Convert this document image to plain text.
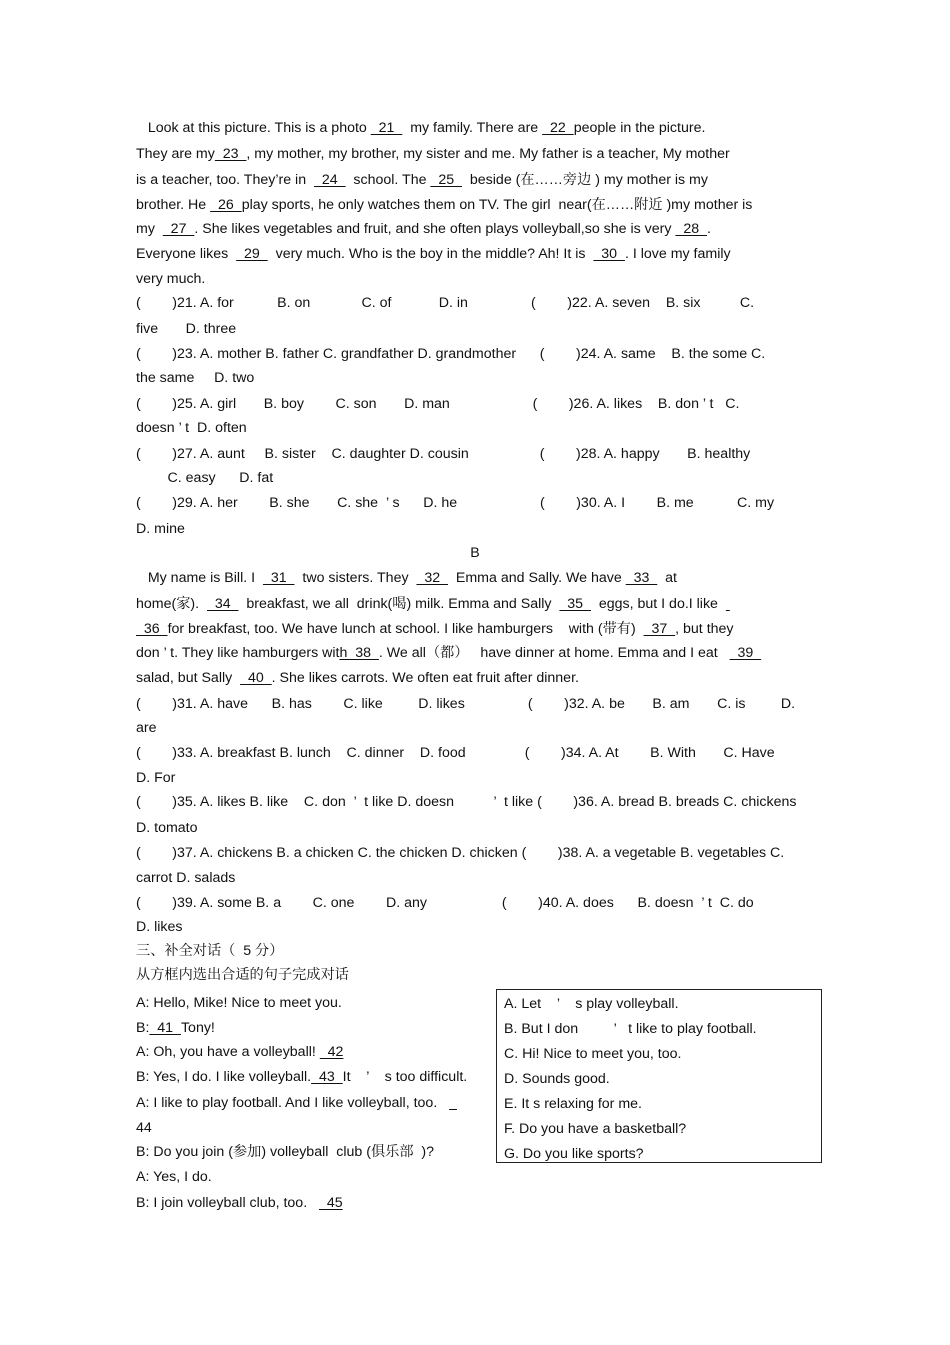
Look at this picture. This is a photo   21    my family. There are   22  people in the picture.
They are my  23  , my mother, my brother, my sister and me. My father is a teacher, My mother
is a teacher, too. They’re in    24    school. The   25    beside (在……旁边 ) my mother is my
brother. He   26  play sports, he only watches them on TV. The girl  near(在……附近 )my mother is
my    27  . She likes vegetables and fruit, and she often plays volleyball,so she is very   28  .
Everyone likes    29    very much. Who is the boy in the middle? Ah! It is    30  . I love my family
very much.
(        )21. A. for           B. on             C. of            D. in                (        )22. A. seven    B. six          C.
five       D. three
(        )23. A. mother B. father C. grandfather D. grandmother      (        )24. A. same    B. the some C.
the same     D. two
(        )25. A. girl       B. boy        C. son       D. man                     (        )26. A. likes    B. don ’ t   C.
doesn ’ t  D. often
(        )27. A. aunt     B. sister    C. daughter D. cousin                  (        )28. A. happy       B. healthy
C. easy      D. fat
(        )29. A. her        B. she       C. she  ’ s      D. he                     (        )30. A. I        B. me           C. my
D. mine
B
My name is Bill. I    31    two sisters. They    32    Emma and Sally. We have   33    at
home(家).    34    breakfast, we all  drink(喝) milk. Emma and Sally    35    eggs, but I do.I like
36  for breakfast, too. We have lunch at school. I like hamburgers    with (带有)    37  , but they
don ’ t. They like hamburgers with  38  . We all（都）   have dinner at home. Emma and I eat     39
salad, but Sally    40  . She likes carrots. We often eat fruit after dinner.
(        )31. A. have      B. has        C. like         D. likes                (        )32. A. be       B. am       C. is         D.
are
(        )33. A. breakfast B. lunch    C. dinner    D. food               (        )34. A. At        B. With       C. Have
D. For
(        )35. A. likes B. like    C. don  ’  t like D. doesn          ’  t like (        )36. A. bread B. breads C. chickens
D. tomato
(        )37. A. chickens B. a chicken C. the chicken D. chicken (        )38. A. a vegetable B. vegetables C.
carrot D. salads
(        )39. A. some B. a        C. one        D. any                   (        )40. A. does      B. doesn  ’ t  C. do
D. likes
三、补全对话（  5 分）
从方框内选出合适的句子完成对话
A: Hello, Mike! Nice to meet you.
B:  41  Tony!
A: Oh, you have a volleyball!   42
B: Yes, I do. I like volleyball.  43  It    ’    s too difficult.
A: I like to play football. And I like volleyball, too.
44
B: Do you join (参加) volleyball  club (俱乐部  )?
A: Yes, I do.
B: I join volleyball club, too.     45
A. Let    ’    s play volleyball.
B. But I don         ’   t like to play football.
C. Hi! Nice to meet you, too.
D. Sounds good.
E. It s relaxing for me.
F. Do you have a basketball?
G. Do you like sports?
